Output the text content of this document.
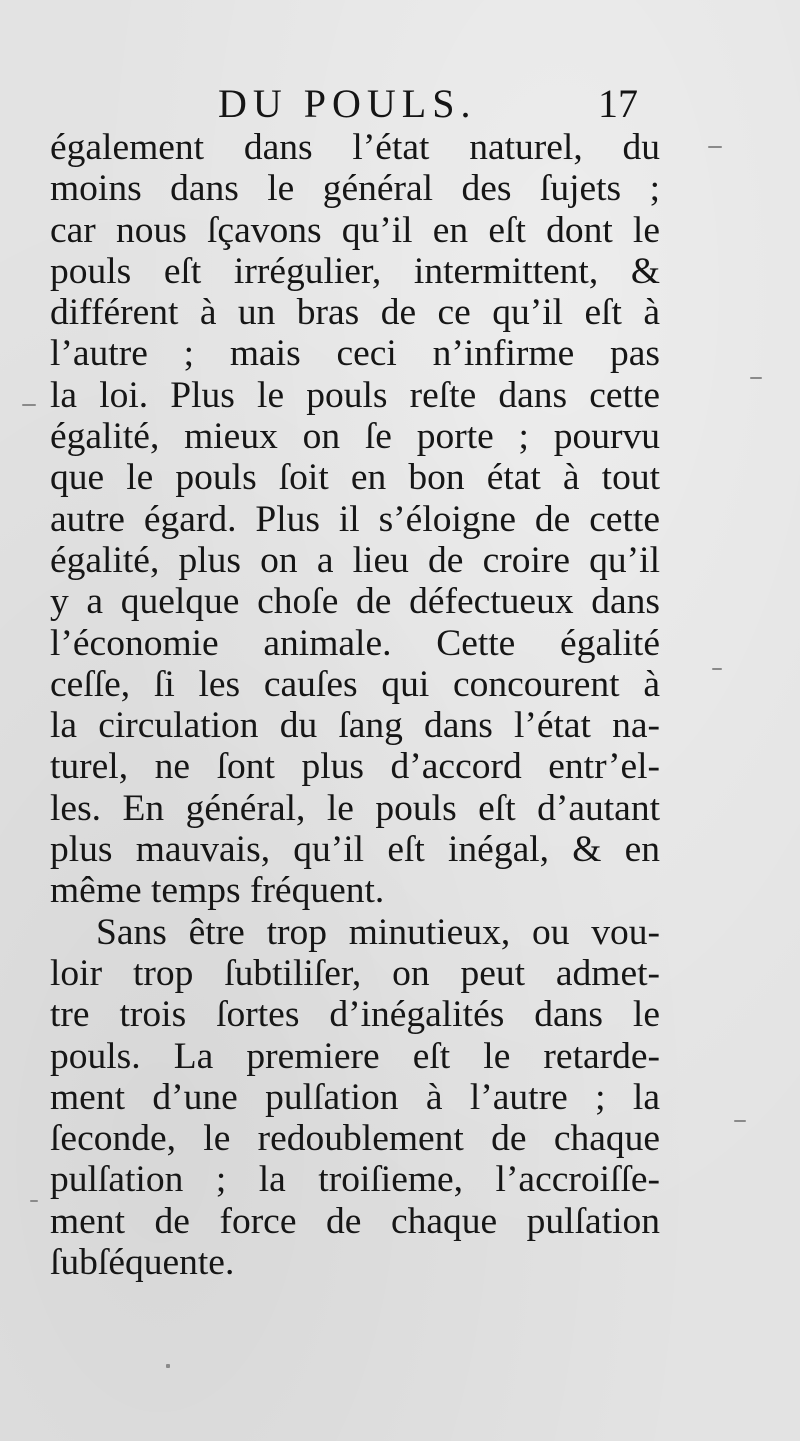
DU POULS.	17
également dans l’état naturel, du
moins dans le général des ſujets ;
car nous ſçavons qu’il en eſt dont le
pouls eſt irrégulier, intermittent, &
différent à un bras de ce qu’il eſt à
l’autre ; mais ceci n’infirme pas
la loi. Plus le pouls reſte dans cette
égalité, mieux on ſe porte ; pourvu
que le pouls ſoit en bon état à tout
autre égard. Plus il s’éloigne de cette
égalité, plus on a lieu de croire qu’il
y a quelque choſe de défectueux dans
l’économie animale. Cette égalité
ceſſe, ſi les cauſes qui concourent à
la circulation du ſang dans l’état na-
turel, ne ſont plus d’accord entr’el-
les. En général, le pouls eſt d’autant
plus mauvais, qu’il eſt inégal, & en
même temps fréquent.
Sans être trop minutieux, ou vou-
loir trop ſubtiliſer, on peut admet-
tre trois ſortes d’inégalités dans le
pouls. La premiere eſt le retarde-
ment d’une pulſation à l’autre ; la
ſeconde, le redoublement de chaque
pulſation ; la troiſieme, l’accroiſſe-
ment de force de chaque pulſation
ſubſéquente.
